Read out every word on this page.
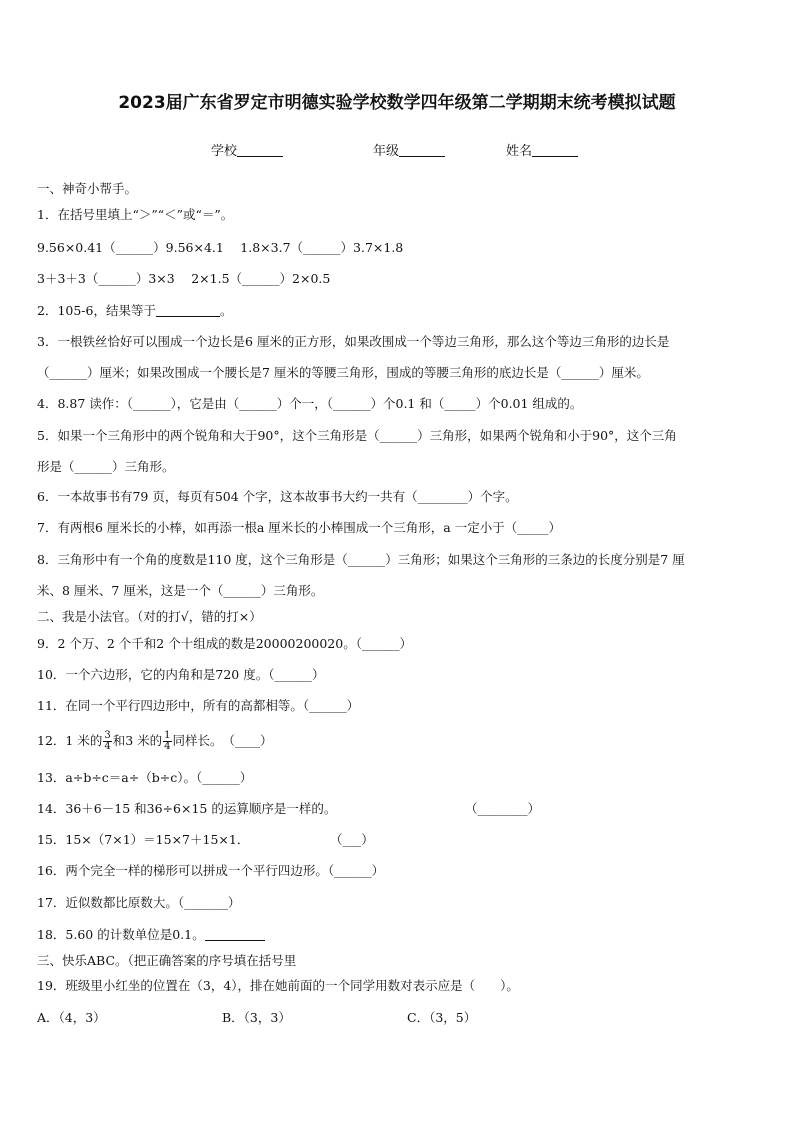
2023届广东省罗定市明德实验学校数学四年级第二学期期末统考模拟试题
学校	年级	姓名
一、神奇小帮手。
1．在括号里填上“＞”“＜”或“＝”。
9.56×0.41（______）9.56×4.1　 1.8×3.7（______）3.7×1.8
3＋3＋3（______）3×3　 2×1.5（______）2×0.5
2．105-6，结果等于	。
3．一根铁丝恰好可以围成一个边长是6 厘米的正方形，如果改围成一个等边三角形，那么这个等边三角形的边长是
（______）厘米；如果改围成一个腰长是7 厘米的等腰三角形，围成的等腰三角形的底边长是（______）厘米。
4．8.87 读作：（______），它是由（______）个一，（______）个0.1 和（_____）个0.01 组成的。
5．如果一个三角形中的两个锐角和大于90°，这个三角形是（______）三角形，如果两个锐角和小于90°，这个三角
形是（______）三角形。
6．一本故事书有79 页，每页有504 个字，这本故事书大约一共有（________）个字。
7．有两根6 厘米长的小棒，如再添一根a 厘米长的小棒围成一个三角形，a 一定小于（_____）
8．三角形中有一个角的度数是110 度，这个三角形是（______）三角形；如果这个三角形的三条边的长度分别是7 厘
米、8 厘米、7 厘米，这是一个（______）三角形。
二、我是小法官。（对的打√，错的打×）
9．2 个万、2 个千和2 个十组成的数是20000200020。（______）
10．一个六边形，它的内角和是720 度。（______）
11．在同一个平行四边形中，所有的高都相等。（______）
12．1 米的 $\frac{3}{4}$ 和3 米的 $\frac{1}{4}$ 同样长。　（____）
13．a÷b÷c＝a÷（b÷c）。（______）
14．36＋6－15 和36÷6×15 的运算顺序是一样的。	（________）
15．15×（7×1）＝15×7＋15×1．	（___）
16．两个完全一样的梯形可以拼成一个平行四边形。（______）
17．近似数都比原数大。（_______）
18．5.60 的计数单位是0.1。
三、快乐ABC。（把正确答案的序号填在括号里
19．班级里小红坐的位置在（3，4），排在她前面的一个同学用数对表示应是（　　）。
A．（4，3）	B．（3，3）	C．（3，5）
